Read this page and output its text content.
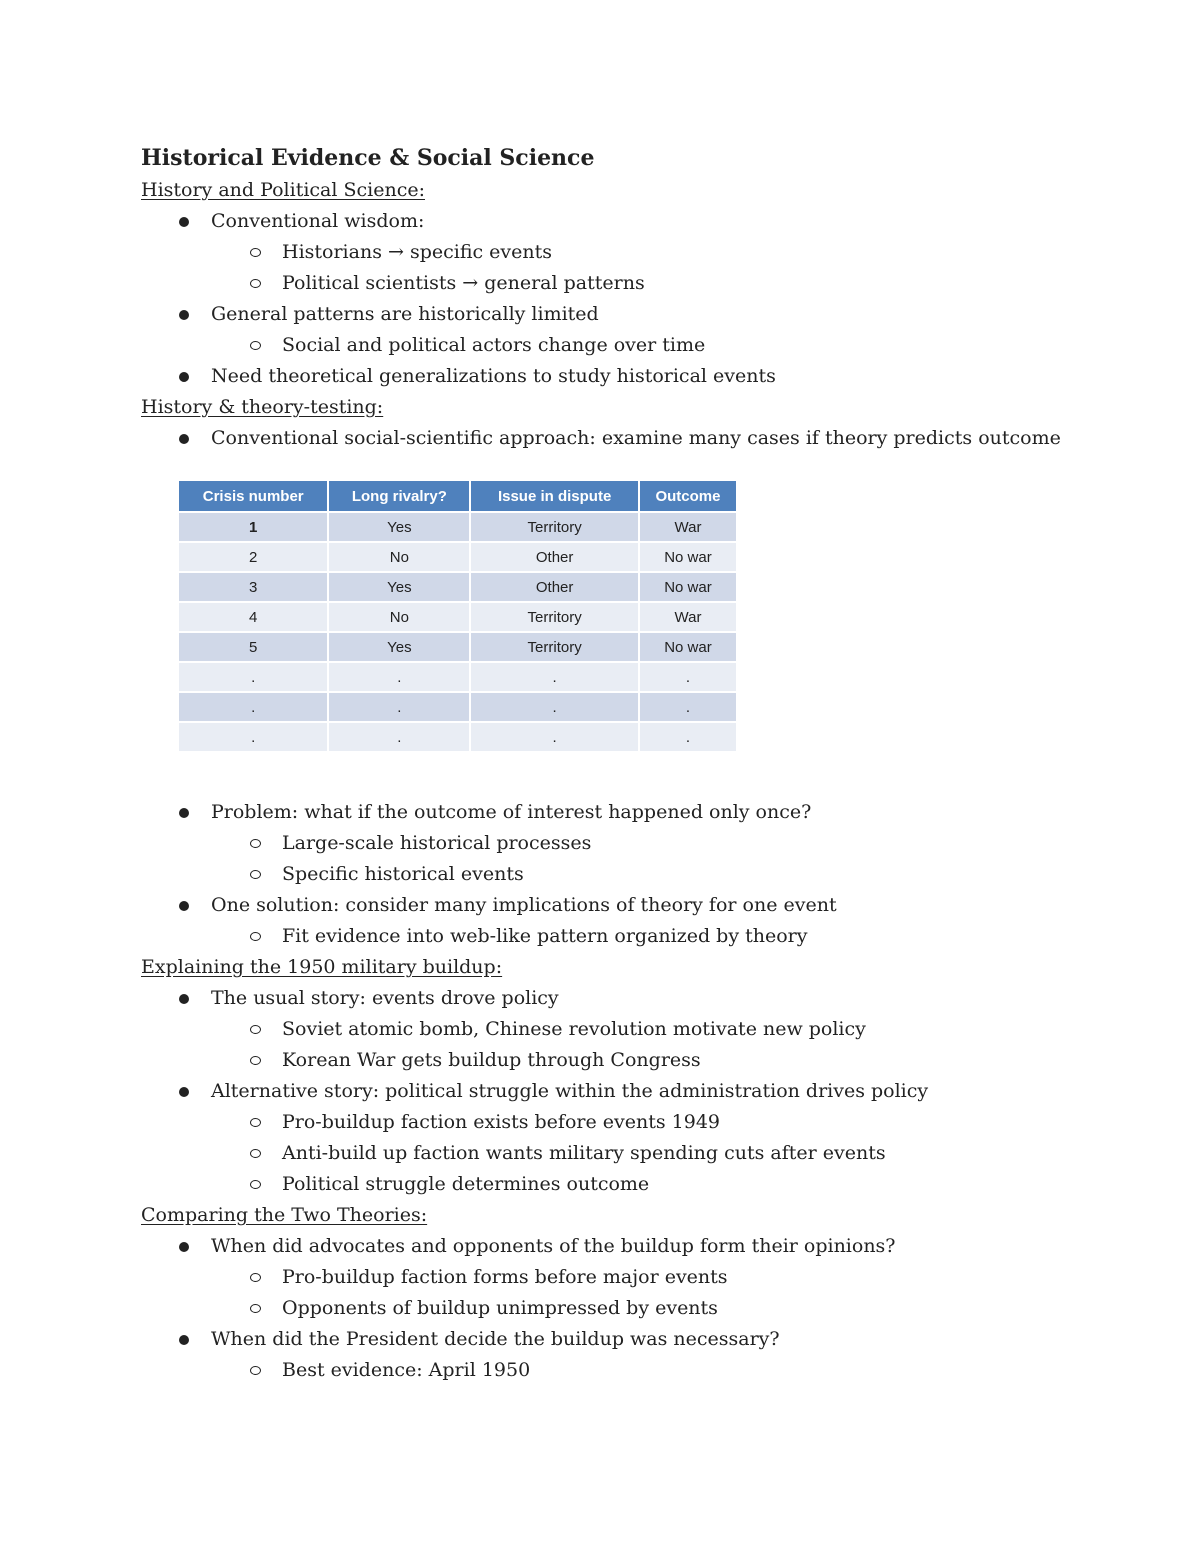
Historical Evidence & Social Science
History and Political Science:
Conventional wisdom:
Historians → specific events
Political scientists → general patterns
General patterns are historically limited
Social and political actors change over time
Need theoretical generalizations to study historical events
History & theory-testing:
Conventional social-scientific approach: examine many cases if theory predicts outcome
Problem: what if the outcome of interest happened only once?
Large-scale historical processes
Specific historical events
One solution: consider many implications of theory for one event
Fit evidence into web-like pattern organized by theory
Explaining the 1950 military buildup:
The usual story: events drove policy
Soviet atomic bomb, Chinese revolution motivate new policy
Korean War gets buildup through Congress
Alternative story: political struggle within the administration drives policy
Pro-buildup faction exists before events 1949
Anti-build up faction wants military spending cuts after events
Political struggle determines outcome
Comparing the Two Theories:
When did advocates and opponents of the buildup form their opinions?
Pro-buildup faction forms before major events
Opponents of buildup unimpressed by events
When did the President decide the buildup was necessary?
Best evidence: April 1950
Crisis number	Long rivalry?	Issue in dispute	Outcome
1	Yes	Territory	War
2	No	Other	No war
3	Yes	Other	No war
4	No	Territory	War
5	Yes	Territory	No war
.	.	.	.
.	.	.	.
.	.	.	.
